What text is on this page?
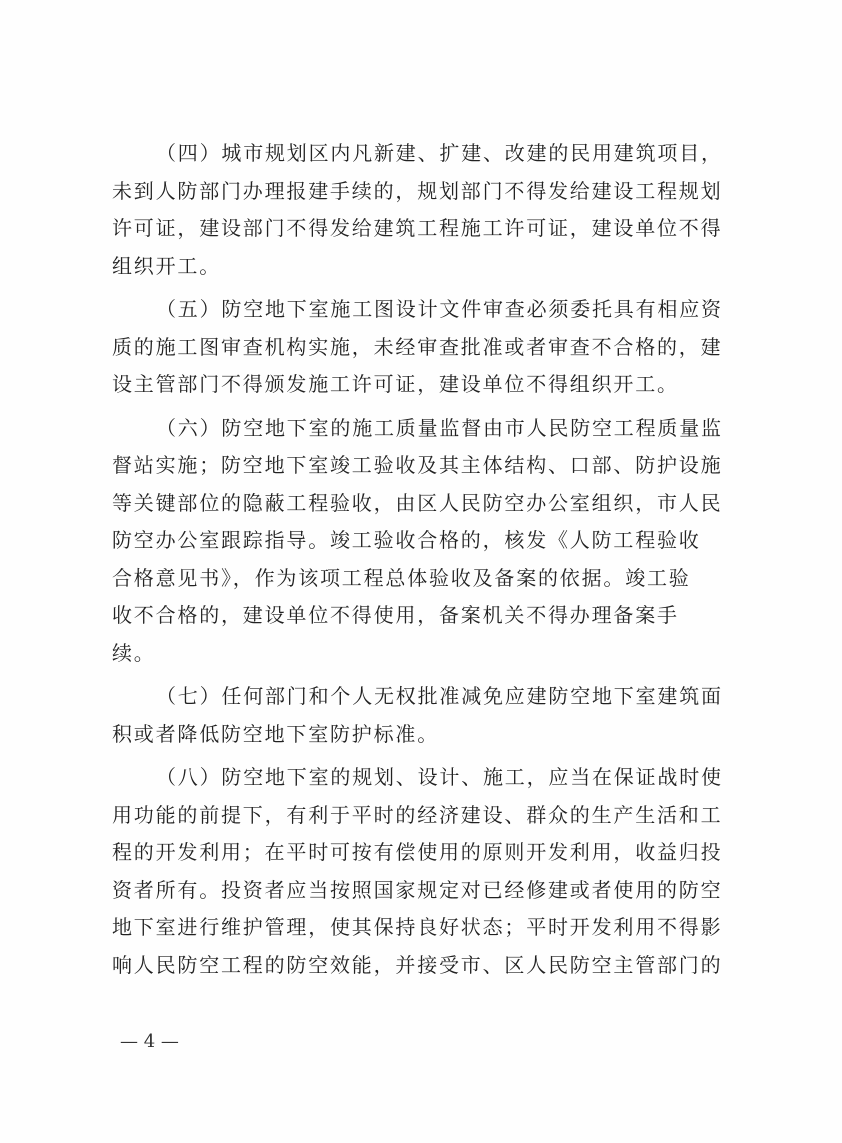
（四）城市规划区内凡新建、扩建、改建的民用建筑项目，
未到人防部门办理报建手续的，规划部门不得发给建设工程规划
许可证，建设部门不得发给建筑工程施工许可证，建设单位不得
组织开工。
（五）防空地下室施工图设计文件审查必须委托具有相应资
质的施工图审查机构实施，未经审查批准或者审查不合格的，建
设主管部门不得颁发施工许可证，建设单位不得组织开工。
（六）防空地下室的施工质量监督由市人民防空工程质量监
督站实施；防空地下室竣工验收及其主体结构、口部、防护设施
等关键部位的隐蔽工程验收，由区人民防空办公室组织，市人民
防空办公室跟踪指导。竣工验收合格的，核发《人防工程验收
合格意见书》，作为该项工程总体验收及备案的依据。竣工验
收不合格的，建设单位不得使用，备案机关不得办理备案手
续。
（七）任何部门和个人无权批准减免应建防空地下室建筑面
积或者降低防空地下室防护标准。
（八）防空地下室的规划、设计、施工，应当在保证战时使
用功能的前提下，有利于平时的经济建设、群众的生产生活和工
程的开发利用；在平时可按有偿使用的原则开发利用，收益归投
资者所有。投资者应当按照国家规定对已经修建或者使用的防空
地下室进行维护管理，使其保持良好状态；平时开发利用不得影
响人民防空工程的防空效能，并接受市、区人民防空主管部门的
— 4 —
